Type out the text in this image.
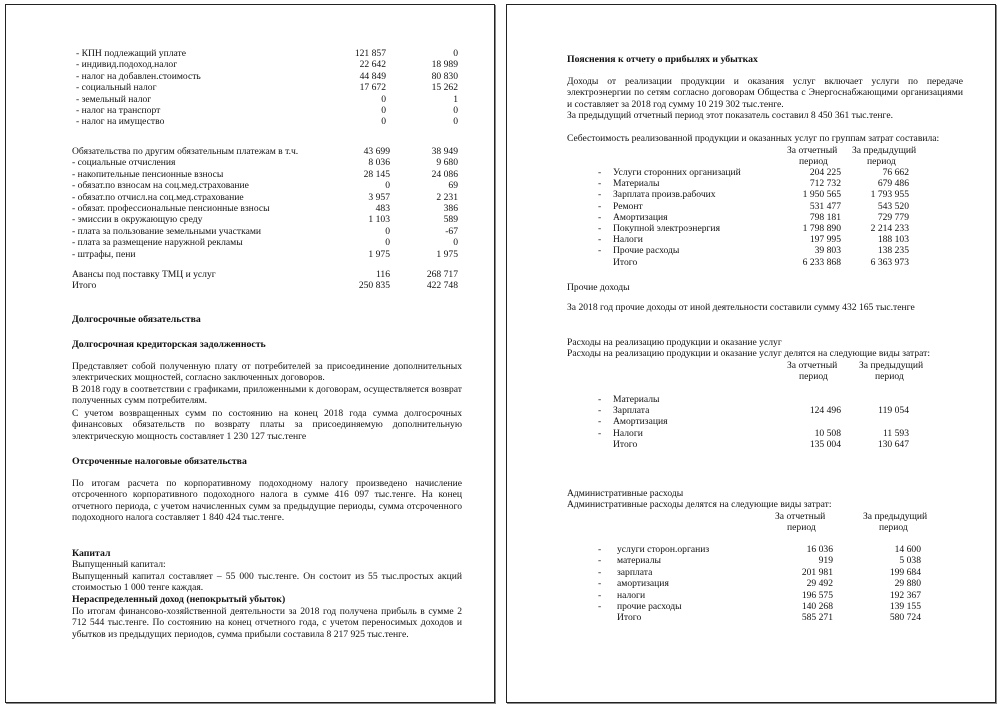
- КПН подлежащий уплате	121 857	0
- индивид.подоход.налог	22 642	18 989
- налог на добавлен.стоимость	44 849	80 830
- социальный налог	17 672	15 262
- земельный налог	0	1
- налог на транспорт	0	0
- налог на имущество	0	0
Обязательства по другим обязательным платежам в т.ч.	43 699	38 949
- социальные отчисления	8 036	9 680
- накопительные пенсионные взносы	28 145	24 086
- обязат.по взносам на соц.мед.страхование	0	69
- обязат.по отчисл.на соц.мед.страхование	3 957	2 231
- обязат. профессиональные пенсионные взносы	483	386
- эмиссии в окружающую среду	1 103	589
- плата за пользование земельными участками	0	-67
- плата за размещение наружной рекламы	0	0
- штрафы, пени	1 975	1 975
Авансы под поставку ТМЦ и услуг	116	268 717
Итого	250 835	422 748
Долгосрочные обязательства
Долгосрочная кредиторская задолженность
Представляет собой полученную плату от потребителей за присоединение дополнительных электрических мощностей, согласно заключенных договоров.
В 2018 году в соответствии с графиками, приложенными к договорам, осуществляется возврат полученных сумм потребителям.
С учетом возвращенных сумм по состоянию на конец 2018 года сумма долгосрочных финансовых обязательств по возврату платы за присоединяемую дополнительную электрическую мощность составляет 1 230 127 тыс.тенге
Отсроченные налоговые обязательства
По итогам расчета по корпоративному подоходному налогу произведено начисление отсроченного корпоративного подоходного налога в сумме 416 097 тыс.тенге. На конец отчетного периода, с учетом начисленных сумм за предыдущие периоды, сумма отсроченного подоходного налога составляет 1 840 424 тыс.тенге.
Капитал
Выпущенный капитал:
Выпущенный капитал составляет – 55 000 тыс.тенге. Он состоит из 55 тыс.простых акций стоимостью 1 000 тенге каждая.
Нераспределенный доход (непокрытый убыток)
По итогам финансово-хозяйственной деятельности за 2018 год получена прибыль в сумме 2 712 544 тыс.тенге. По состоянию на конец отчетного года, с учетом переносимых доходов и убытков из предыдущих периодов, сумма прибыли составила 8 217 925 тыс.тенге.
Пояснения к отчету о прибылях и убытках
Доходы от реализации продукции и оказания услуг включает услуги по передаче электроэнергии по сетям согласно договорам Общества с Энергоснабжающими организациями и составляет за 2018 год сумму 10 219 302 тыс.тенге.
За предыдущий отчетный период этот показатель составил 8 450 361 тыс.тенге.
Себестоимость реализованной продукции и оказанных услуг по группам затрат составила:
За отчетный За предыдущий
период	период
- Услуги сторонних организаций	204 225	76 662
- Материалы	712 732	679 486
- Зарплата произв.рабочих	1 950 565	1 793 955
- Ремонт	531 477	543 520
- Амортизация	798 181	729 779
- Покупной электроэнергия	1 798 890	2 214 233
- Налоги	197 995	188 103
- Прочие расходы	39 803	138 235
Итого	6 233 868	6 363 973
Прочие доходы
За 2018 год прочие доходы от иной деятельности составили сумму 432 165 тыс.тенге
Расходы на реализацию продукции и оказание услуг
Расходы на реализацию продукции и оказание услуг делятся на следующие виды затрат:
За отчетный За предыдущий
период	период
- Материалы
- Зарплата	124 496	119 054
- Амортизация
- Налоги	10 508	11 593
Итого	135 004	130 647
Административные расходы
Административные расходы делятся на следующие виды затрат:
За отчетный	За предыдущий
период	период
- услуги сторон.организ	16 036	14 600
- материалы	919	5 038
- зарплата	201 981	199 684
- амортизация	29 492	29 880
- налоги	196 575	192 367
- прочие расходы	140 268	139 155
Итого	585 271	580 724
